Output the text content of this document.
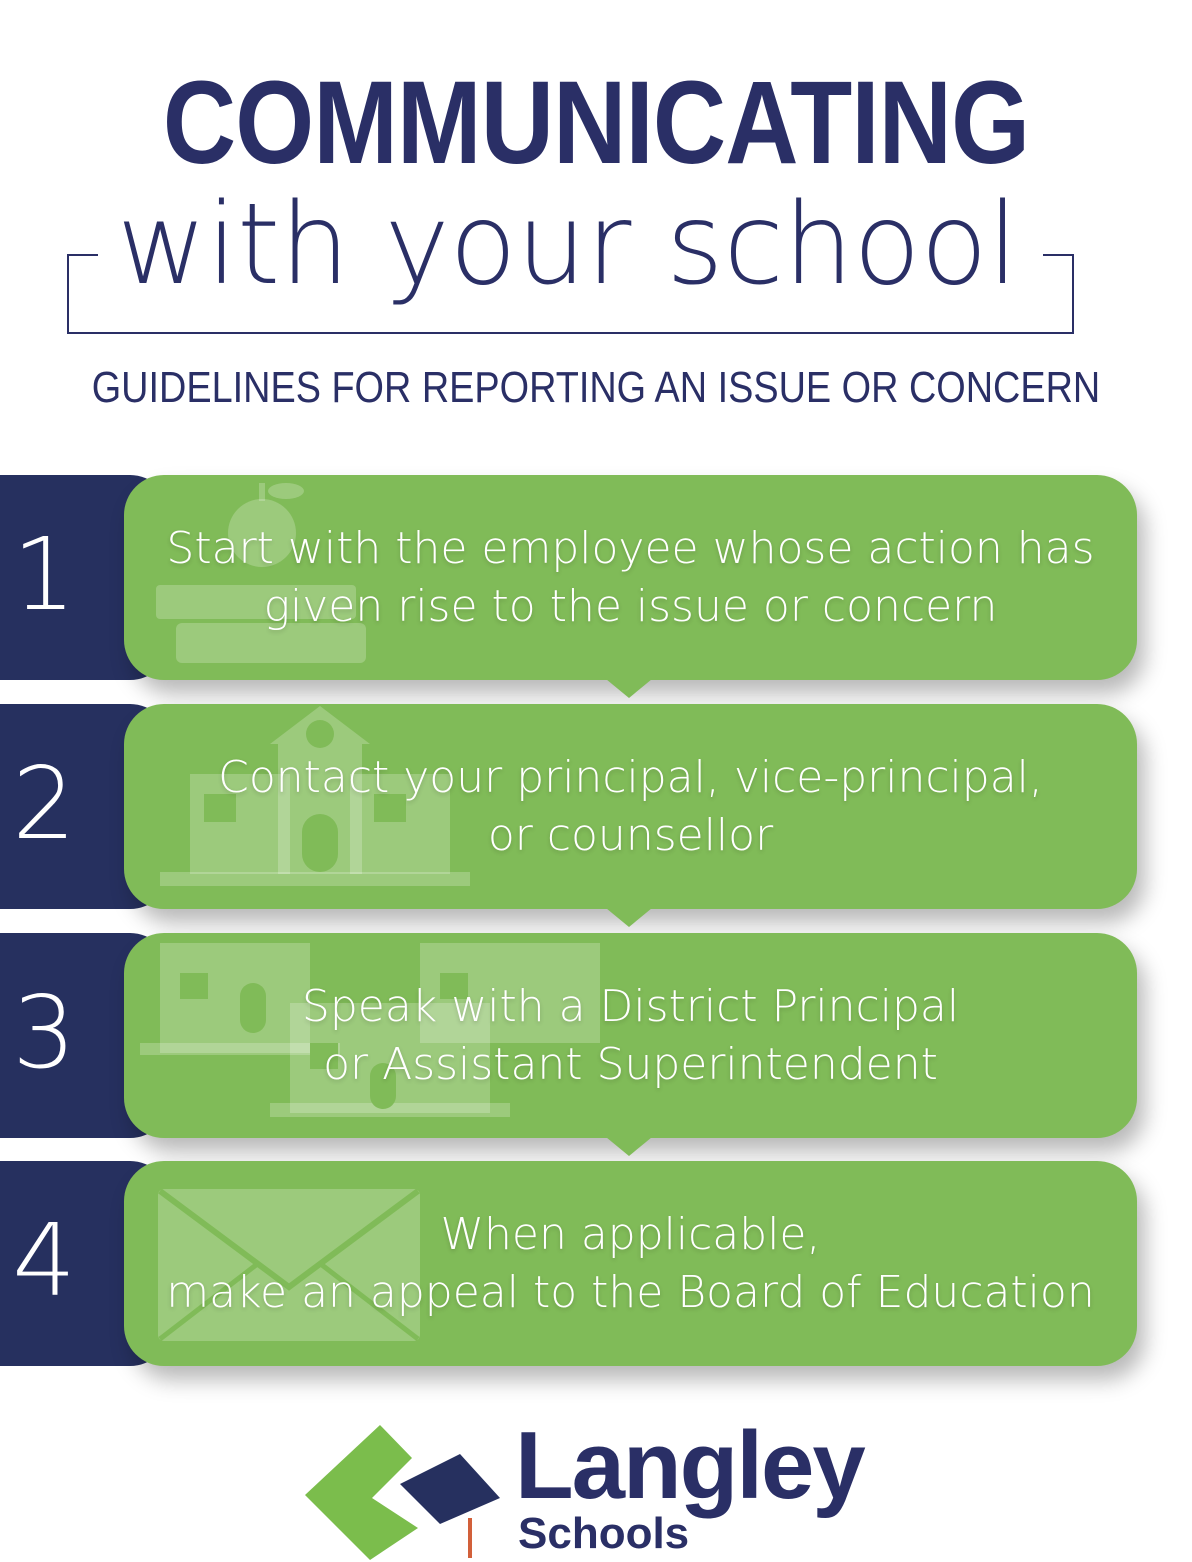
COMMUNICATING
with your school
GUIDELINES FOR REPORTING AN ISSUE OR CONCERN
1	Start with the employee whose action has
given rise to the issue or concern
2	Contact your principal, vice-principal,
or counsellor
3	Speak with a District Principal
or Assistant Superintendent
4	When applicable,
make an appeal to the Board of Education
Langley
Schools
